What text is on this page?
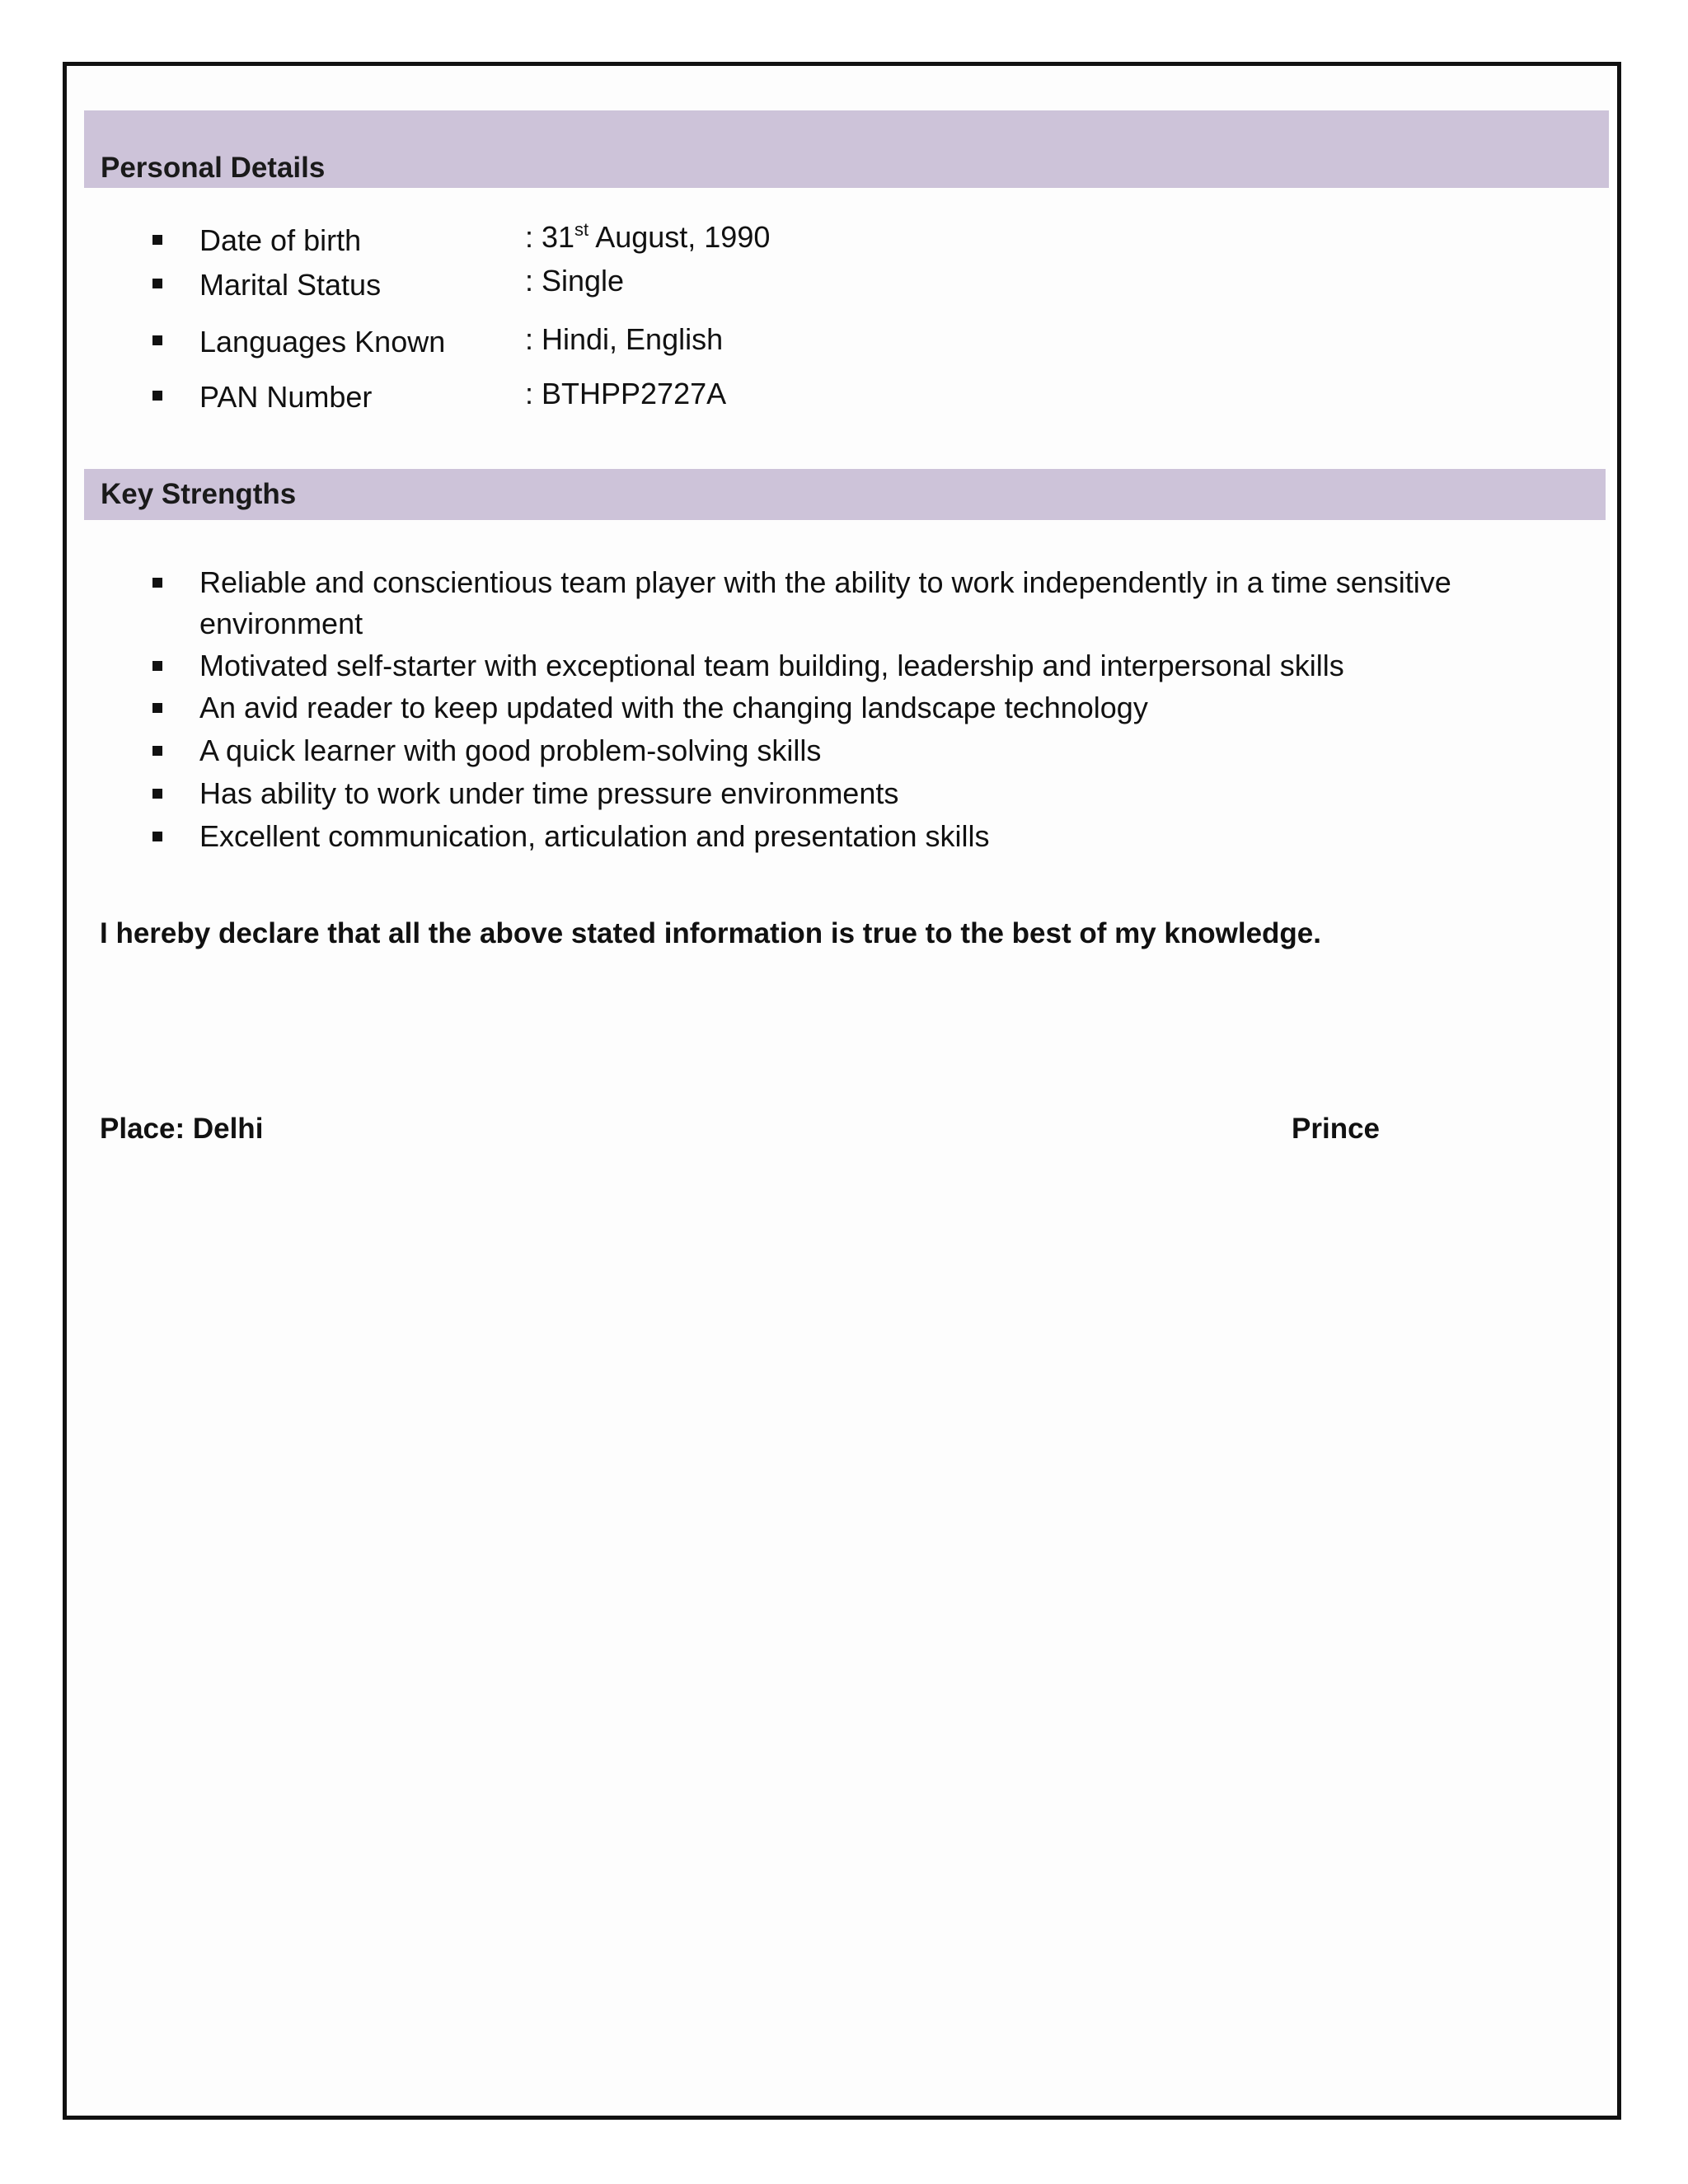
Personal Details
Date of birth	: 31st August, 1990
Marital Status	: Single
Languages Known	: Hindi, English
PAN Number	: BTHPP2727A
Key Strengths
Reliable and conscientious team player with the ability to work independently in a time sensitive environment
Motivated self-starter with exceptional team building, leadership and interpersonal skills
An avid reader to keep updated with the changing landscape technology
A quick learner with good problem-solving skills
Has ability to work under time pressure environments
Excellent communication, articulation and presentation skills
I hereby declare that all the above stated information is true to the best of my knowledge.
Place: Delhi	Prince
